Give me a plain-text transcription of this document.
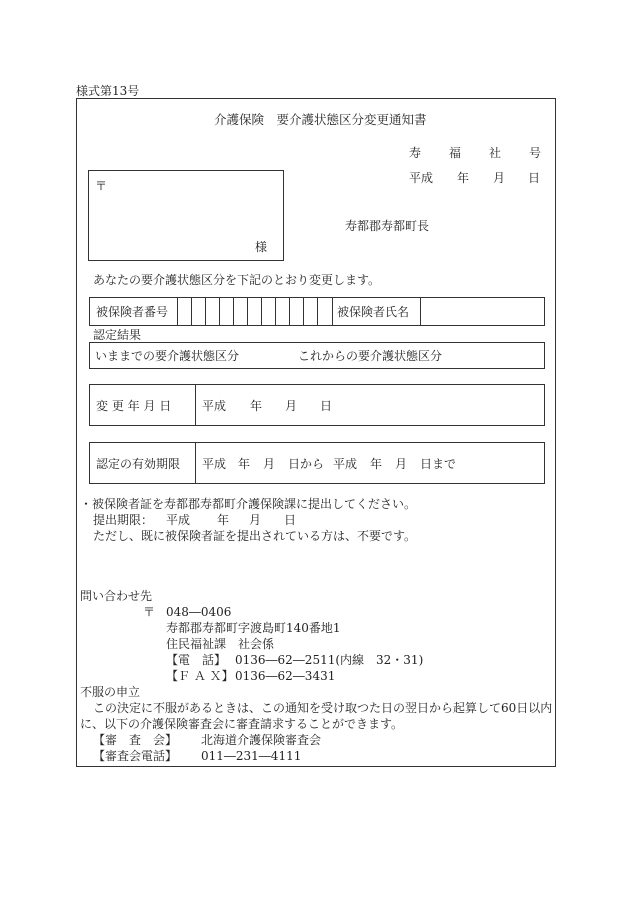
様式第13号
介護保険　要介護状態区分変更通知書
寿 福 社 号
平成 年 月 日
寿都郡寿都町長
〒
様
あなたの要介護状態区分を下記のとおり変更します。
被保険者番号	被保険者氏名
認定結果
いままでの要介護状態区分	これからの要介護状態区分
変 更 年 月 日	平成 年 月 日
認定の有効期限 平成 年 月 日から 平成 年 月 日まで
・被保険者証を寿都郡寿都町介護保険課に提出してください。
提出期限： 平成 年 月 日
ただし、既に被保険者証を提出されている方は、不要です。
問い合わせ先
〒 048―0406
寿都郡寿都町字渡島町140番地1
住民福祉課　社会係
【電　話】 0136―62―2511(内線　32・31)
【Ｆ Ａ Ｘ】 0136―62―3431
不服の申立
この決定に不服があるときは、この通知を受け取つた日の翌日から起算して60日以内
に、以下の介護保険審査会に審査請求することができます。
【審　査　会】 北海道介護保険審査会
【審査会電話】 011―231―4111
